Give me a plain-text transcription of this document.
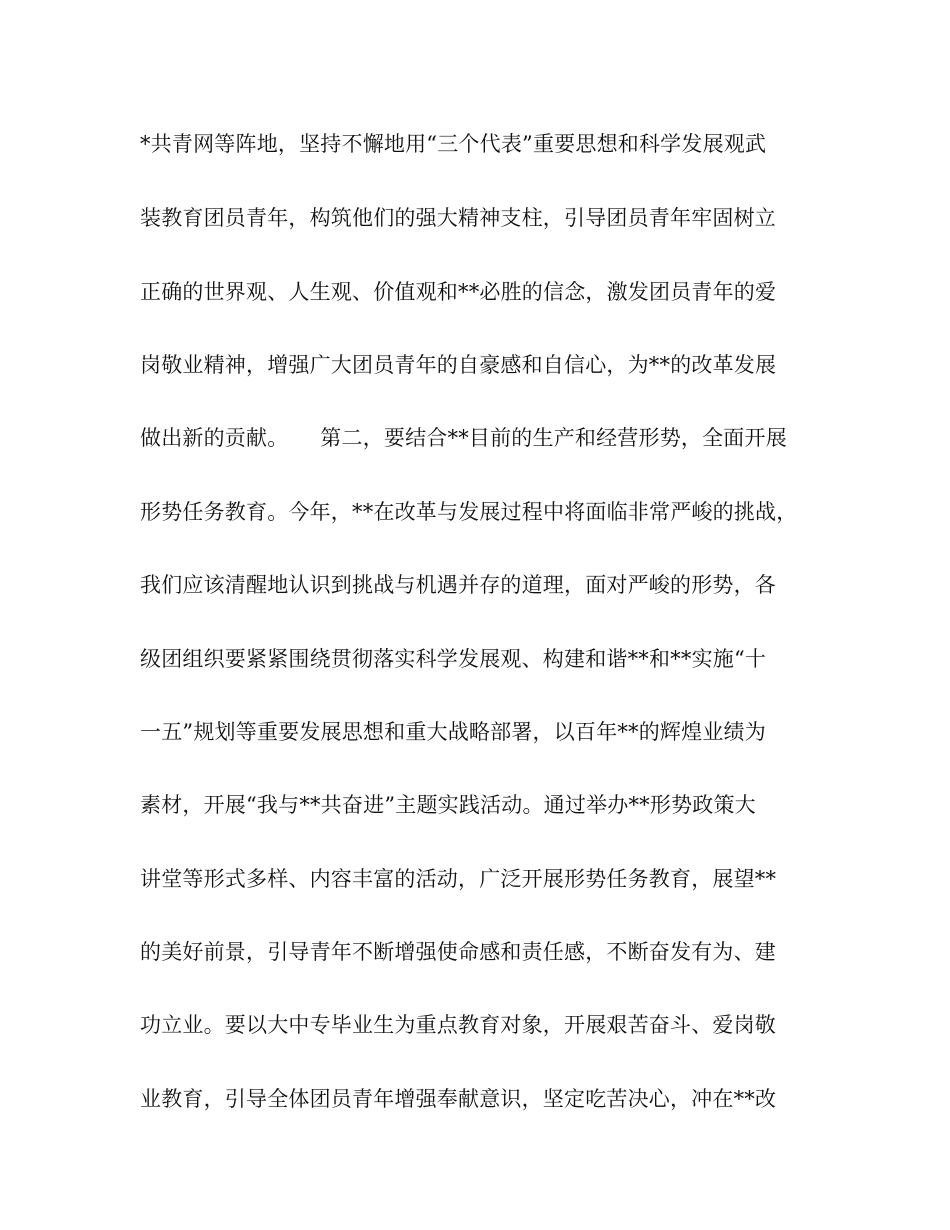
*共青网等阵地，坚持不懈地用“三个代表”重要思想和科学发展观武
装教育团员青年，构筑他们的强大精神支柱，引导团员青年牢固树立
正确的世界观、人生观、价值观和**必胜的信念，激发团员青年的爱
岗敬业精神，增强广大团员青年的自豪感和自信心，为**的改革发展
做出新的贡献。　　第二，要结合**目前的生产和经营形势，全面开展
形势任务教育。今年，**在改革与发展过程中将面临非常严峻的挑战，
我们应该清醒地认识到挑战与机遇并存的道理，面对严峻的形势，各
级团组织要紧紧围绕贯彻落实科学发展观、构建和谐**和**实施“十
一五”规划等重要发展思想和重大战略部署，以百年**的辉煌业绩为
素材，开展“我与**共奋进”主题实践活动。通过举办**形势政策大
讲堂等形式多样、内容丰富的活动，广泛开展形势任务教育，展望**
的美好前景，引导青年不断增强使命感和责任感，不断奋发有为、建
功立业。要以大中专毕业生为重点教育对象，开展艰苦奋斗、爱岗敬
业教育，引导全体团员青年增强奉献意识，坚定吃苦决心，冲在**改
